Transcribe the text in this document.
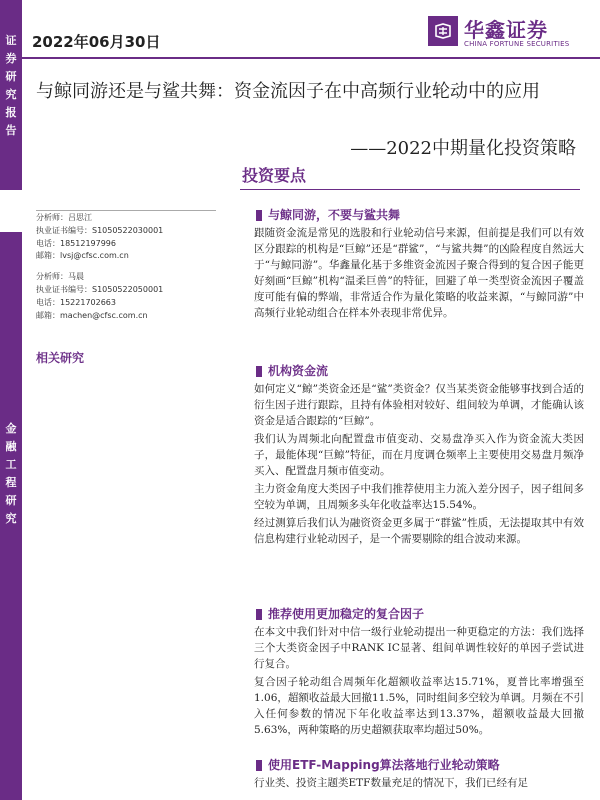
证
券
研
究
报
告
金
融
工
程
研
究
2022年06月30日	华鑫证券
CHINA FORTUNE SECURITIES
与鲸同游还是与鲨共舞：资金流因子在中高频行业轮动中的应用
——2022中期量化投资策略
投资要点
分析师：吕思江
执业证书编号：S1050522030001
电话：18512197996
邮箱：lvsj@cfsc.com.cn
分析师：马晨
执业证书编号：S1050522050001
电话：15221702663
邮箱：machen@cfsc.com.cn
相关研究
与鲸同游，不要与鲨共舞

跟随资金流是常见的选股和行业轮动信号来源，但前提是我们可以有效区分跟踪的机构是“巨鲸”还是“群鲨”，“与鲨共舞”的凶险程度自然远大于“与鲸同游”。华鑫量化基于多维资金流因子聚合得到的复合因子能更好刻画“巨鲸”机构“温柔巨兽”的特征，回避了单一类型资金流因子覆盖度可能有偏的弊端，非常适合作为量化策略的收益来源，“与鲸同游”中高频行业轮动组合在样本外表现非常优异。

机构资金流

如何定义“鲸”类资金还是“鲨”类资金？仅当某类资金能够事找到合适的衍生因子进行跟踪，且持有体验相对较好、组间较为单调，才能确认该资金是适合跟踪的“巨鲸”。

我们认为周频北向配置盘市值变动、交易盘净买入作为资金流大类因子，最能体现“巨鲸”特征，而在月度调仓频率上主要使用交易盘月频净买入、配置盘月频市值变动。

主力资金角度大类因子中我们推荐使用主力流入差分因子，因子组间多空较为单调，且周频多头年化收益率达15.54%。

经过测算后我们认为融资资金更多属于“群鲨”性质，无法提取其中有效信息构建行业轮动因子，是一个需要剔除的组合波动来源。

推荐使用更加稳定的复合因子

在本文中我们针对中信一级行业轮动提出一种更稳定的方法：我们选择三个大类资金因子中RANK IC显著、组间单调性较好的单因子尝试进行复合。

复合因子轮动组合周频年化超额收益率达15.71%，夏普比率增强至1.06，超额收益最大回撤11.5%，同时组间多空较为单调。月频在不引入任何参数的情况下年化收益率达到13.37%，超额收益最大回撤5.63%，两种策略的历史超额获取率均超过50%。

使用ETF-Mapping算法落地行业轮动策略

行业类、投资主题类ETF数量充足的情况下，我们已经有足
